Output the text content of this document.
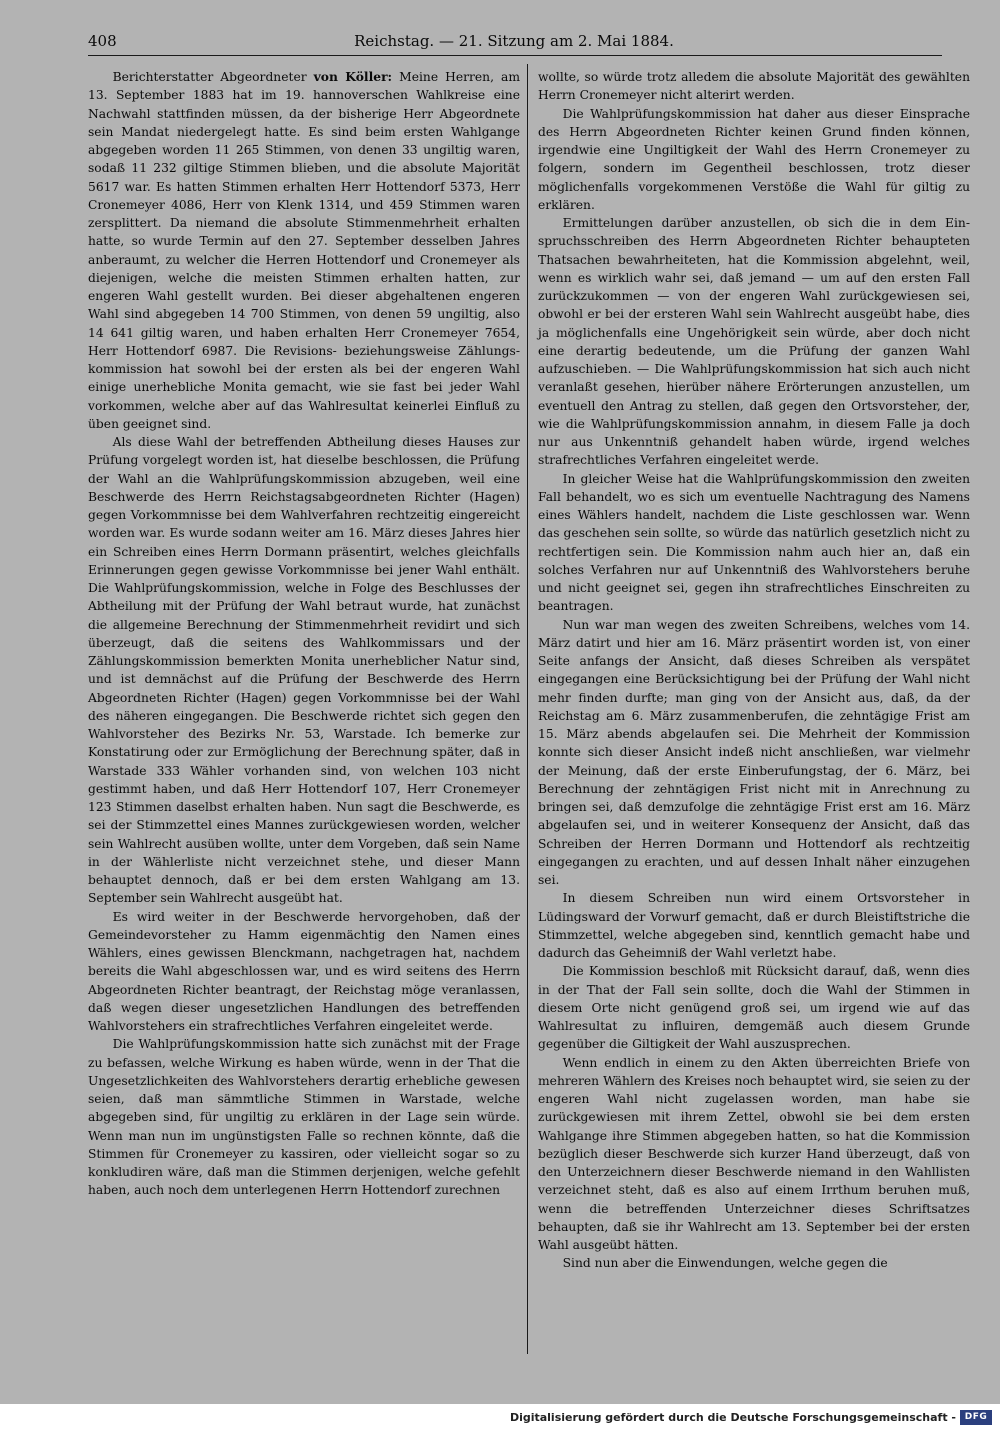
408	Reichstag. — 21. Sitzung am 2. Mai 1884.

Berichterstatter Abgeordneter von Köller: Meine Herren, am 13. September 1883 hat im 19. hannoverschen Wahlkreise eine Nachwahl stattfinden müssen, da der bisherige Herr Abgeordnete sein Mandat niedergelegt hatte. Es sind beim ersten Wahlgange abgegeben worden 11 265 Stimmen, von denen 33 ungiltig waren, sodaß 11 232 giltige Stimmen blieben, und die absolute Majorität 5617 war. Es hatten Stimmen erhalten Herr Hottendorf 5373, Herr Cronemeyer 4086, Herr von Klenk 1314, und 459 Stimmen waren zersplittert. Da niemand die absolute Stimmenmehrheit erhalten hatte, so wurde Termin auf den 27. September desselben Jahres anberaumt, zu welcher die Herren Hottendorf und Cronemeyer als diejenigen, welche die meisten Stimmen erhalten hatten, zur engeren Wahl gestellt wurden. Bei dieser abgehaltenen engeren Wahl sind abgegeben 14 700 Stimmen, von denen 59 ungiltig, also 14 641 giltig waren, und haben erhalten Herr Cronemeyer 7654, Herr Hottendorf 6987. Die Revisions- beziehungsweise Zählungskommission hat sowohl bei der ersten als bei der engeren Wahl einige unerhebliche Monita gemacht, wie sie fast bei jeder Wahl vorkommen, welche aber auf das Wahlresultat keinerlei Einfluß zu üben geeignet sind.

Als diese Wahl der betreffenden Abtheilung dieses Hauses zur Prüfung vorgelegt worden ist, hat dieselbe beschlossen, die Prüfung der Wahl an die Wahlprüfungskommission abzugeben, weil eine Beschwerde des Herrn Reichstagsabgeordneten Richter (Hagen) gegen Vorkommnisse bei dem Wahlverfahren rechtzeitig eingereicht worden war. Es wurde sodann weiter am 16. März dieses Jahres hier ein Schreiben eines Herrn Dormann präsentirt, welches gleichfalls Erinnerungen gegen gewisse Vorkommnisse bei jener Wahl enthält. Die Wahlprüfungskommission, welche in Folge des Beschlusses der Abtheilung mit der Prüfung der Wahl betraut wurde, hat zunächst die allgemeine Berechnung der Stimmenmehrheit revidirt und sich überzeugt, daß die seitens des Wahlkommissars und der Zählungskommission bemerkten Monita unerheblicher Natur sind, und ist demnächst auf die Prüfung der Beschwerde des Herrn Abgeordneten Richter (Hagen) gegen Vorkommnisse bei der Wahl des näheren eingegangen. Die Beschwerde richtet sich gegen den Wahlvorsteher des Bezirks Nr. 53, Warstade. Ich bemerke zur Konstatirung oder zur Ermöglichung der Berechnung später, daß in Warstade 333 Wähler vorhanden sind, von welchen 103 nicht gestimmt haben, und daß Herr Hottendorf 107, Herr Cronemeyer 123 Stimmen daselbst erhalten haben. Nun sagt die Beschwerde, es sei der Stimmzettel eines Mannes zurückgewiesen worden, welcher sein Wahlrecht ausüben wollte, unter dem Vorgeben, daß sein Name in der Wählerliste nicht verzeichnet stehe, und dieser Mann behauptet dennoch, daß er bei dem ersten Wahlgang am 13. September sein Wahlrecht ausgeübt hat.

Es wird weiter in der Beschwerde hervorgehoben, daß der Gemeindevorsteher zu Hamm eigenmächtig den Namen eines Wählers, eines gewissen Blenckmann, nachgetragen hat, nachdem bereits die Wahl abgeschlossen war, und es wird seitens des Herrn Abgeordneten Richter beantragt, der Reichstag möge veranlassen, daß wegen dieser ungesetzlichen Handlungen des betreffenden Wahlvorstehers ein strafrechtliches Verfahren eingeleitet werde.

Die Wahlprüfungskommission hatte sich zunächst mit der Frage zu befassen, welche Wirkung es haben würde, wenn in der That die Ungesetzlichkeiten des Wahlvorstehers derartig erhebliche gewesen seien, daß man sämmtliche Stimmen in Warstade, welche abgegeben sind, für ungiltig zu erklären in der Lage sein würde. Wenn man nun im ungünstigsten Falle so rechnen könnte, daß die Stimmen für Cronemeyer zu kassiren, oder vielleicht sogar so zu konkludiren wäre, daß man die Stimmen derjenigen, welche gefehlt haben, auch noch dem unterlegenen Herrn Hottendorf zurechnen

wollte, so würde trotz alledem die absolute Majorität des gewählten Herrn Cronemeyer nicht alterirt werden.

Die Wahlprüfungskommission hat daher aus dieser Einsprache des Herrn Abgeordneten Richter keinen Grund finden können, irgendwie eine Ungiltigkeit der Wahl des Herrn Cronemeyer zu folgern, sondern im Gegentheil beschlossen, trotz dieser möglichenfalls vorgekommenen Verstöße die Wahl für giltig zu erklären.

Ermittelungen darüber anzustellen, ob sich die in dem Einspruchsschreiben des Herrn Abgeordneten Richter behaupteten Thatsachen bewahrheiteten, hat die Kommission abgelehnt, weil, wenn es wirklich wahr sei, daß jemand — um auf den ersten Fall zurückzukommen — von der engeren Wahl zurückgewiesen sei, obwohl er bei der ersteren Wahl sein Wahlrecht ausgeübt habe, dies ja möglichenfalls eine Ungehörigkeit sein würde, aber doch nicht eine derartig bedeutende, um die Prüfung der ganzen Wahl aufzuschieben. — Die Wahlprüfungskommission hat sich auch nicht veranlaßt gesehen, hierüber nähere Erörterungen anzustellen, um eventuell den Antrag zu stellen, daß gegen den Ortsvorsteher, der, wie die Wahlprüfungskommission annahm, in diesem Falle ja doch nur aus Unkenntniß gehandelt haben würde, irgend welches strafrechtliches Verfahren eingeleitet werde.

In gleicher Weise hat die Wahlprüfungskommission den zweiten Fall behandelt, wo es sich um eventuelle Nachtragung des Namens eines Wählers handelt, nachdem die Liste geschlossen war. Wenn das geschehen sein sollte, so würde das natürlich gesetzlich nicht zu rechtfertigen sein. Die Kommission nahm auch hier an, daß ein solches Verfahren nur auf Unkenntniß des Wahlvorstehers beruhe und nicht geeignet sei, gegen ihn strafrechtliches Einschreiten zu beantragen.

Nun war man wegen des zweiten Schreibens, welches vom 14. März datirt und hier am 16. März präsentirt worden ist, von einer Seite anfangs der Ansicht, daß dieses Schreiben als verspätet eingegangen eine Berücksichtigung bei der Prüfung der Wahl nicht mehr finden durfte; man ging von der Ansicht aus, daß, da der Reichstag am 6. März zusammenberufen, die zehntägige Frist am 15. März abends abgelaufen sei. Die Mehrheit der Kommission konnte sich dieser Ansicht indeß nicht anschließen, war vielmehr der Meinung, daß der erste Einberufungstag, der 6. März, bei Berechnung der zehntägigen Frist nicht mit in Anrechnung zu bringen sei, daß demzufolge die zehntägige Frist erst am 16. März abgelaufen sei, und in weiterer Konsequenz der Ansicht, daß das Schreiben der Herren Dormann und Hottendorf als rechtzeitig eingegangen zu erachten, und auf dessen Inhalt näher einzugehen sei.

In diesem Schreiben nun wird einem Ortsvorsteher in Lüdingsward der Vorwurf gemacht, daß er durch Bleistiftstriche die Stimmzettel, welche abgegeben sind, kenntlich gemacht habe und dadurch das Geheimniß der Wahl verletzt habe.

Die Kommission beschloß mit Rücksicht darauf, daß, wenn dies in der That der Fall sein sollte, doch die Wahl der Stimmen in diesem Orte nicht genügend groß sei, um irgend wie auf das Wahlresultat zu influiren, demgemäß auch diesem Grunde gegenüber die Giltigkeit der Wahl auszusprechen.

Wenn endlich in einem zu den Akten überreichten Briefe von mehreren Wählern des Kreises noch behauptet wird, sie seien zu der engeren Wahl nicht zugelassen worden, man habe sie zurückgewiesen mit ihrem Zettel, obwohl sie bei dem ersten Wahlgange ihre Stimmen abgegeben hatten, so hat die Kommission bezüglich dieser Beschwerde sich kurzer Hand überzeugt, daß von den Unterzeichnern dieser Beschwerde niemand in den Wahllisten verzeichnet steht, daß es also auf einem Irrthum beruhen muß, wenn die betreffenden Unterzeichner dieses Schriftsatzes behaupten, daß sie ihr Wahlrecht am 13. September bei der ersten Wahl ausgeübt hätten.

Sind nun aber die Einwendungen, welche gegen die

Digitalisierung gefördert durch die Deutsche Forschungsgemeinschaft - DFG
